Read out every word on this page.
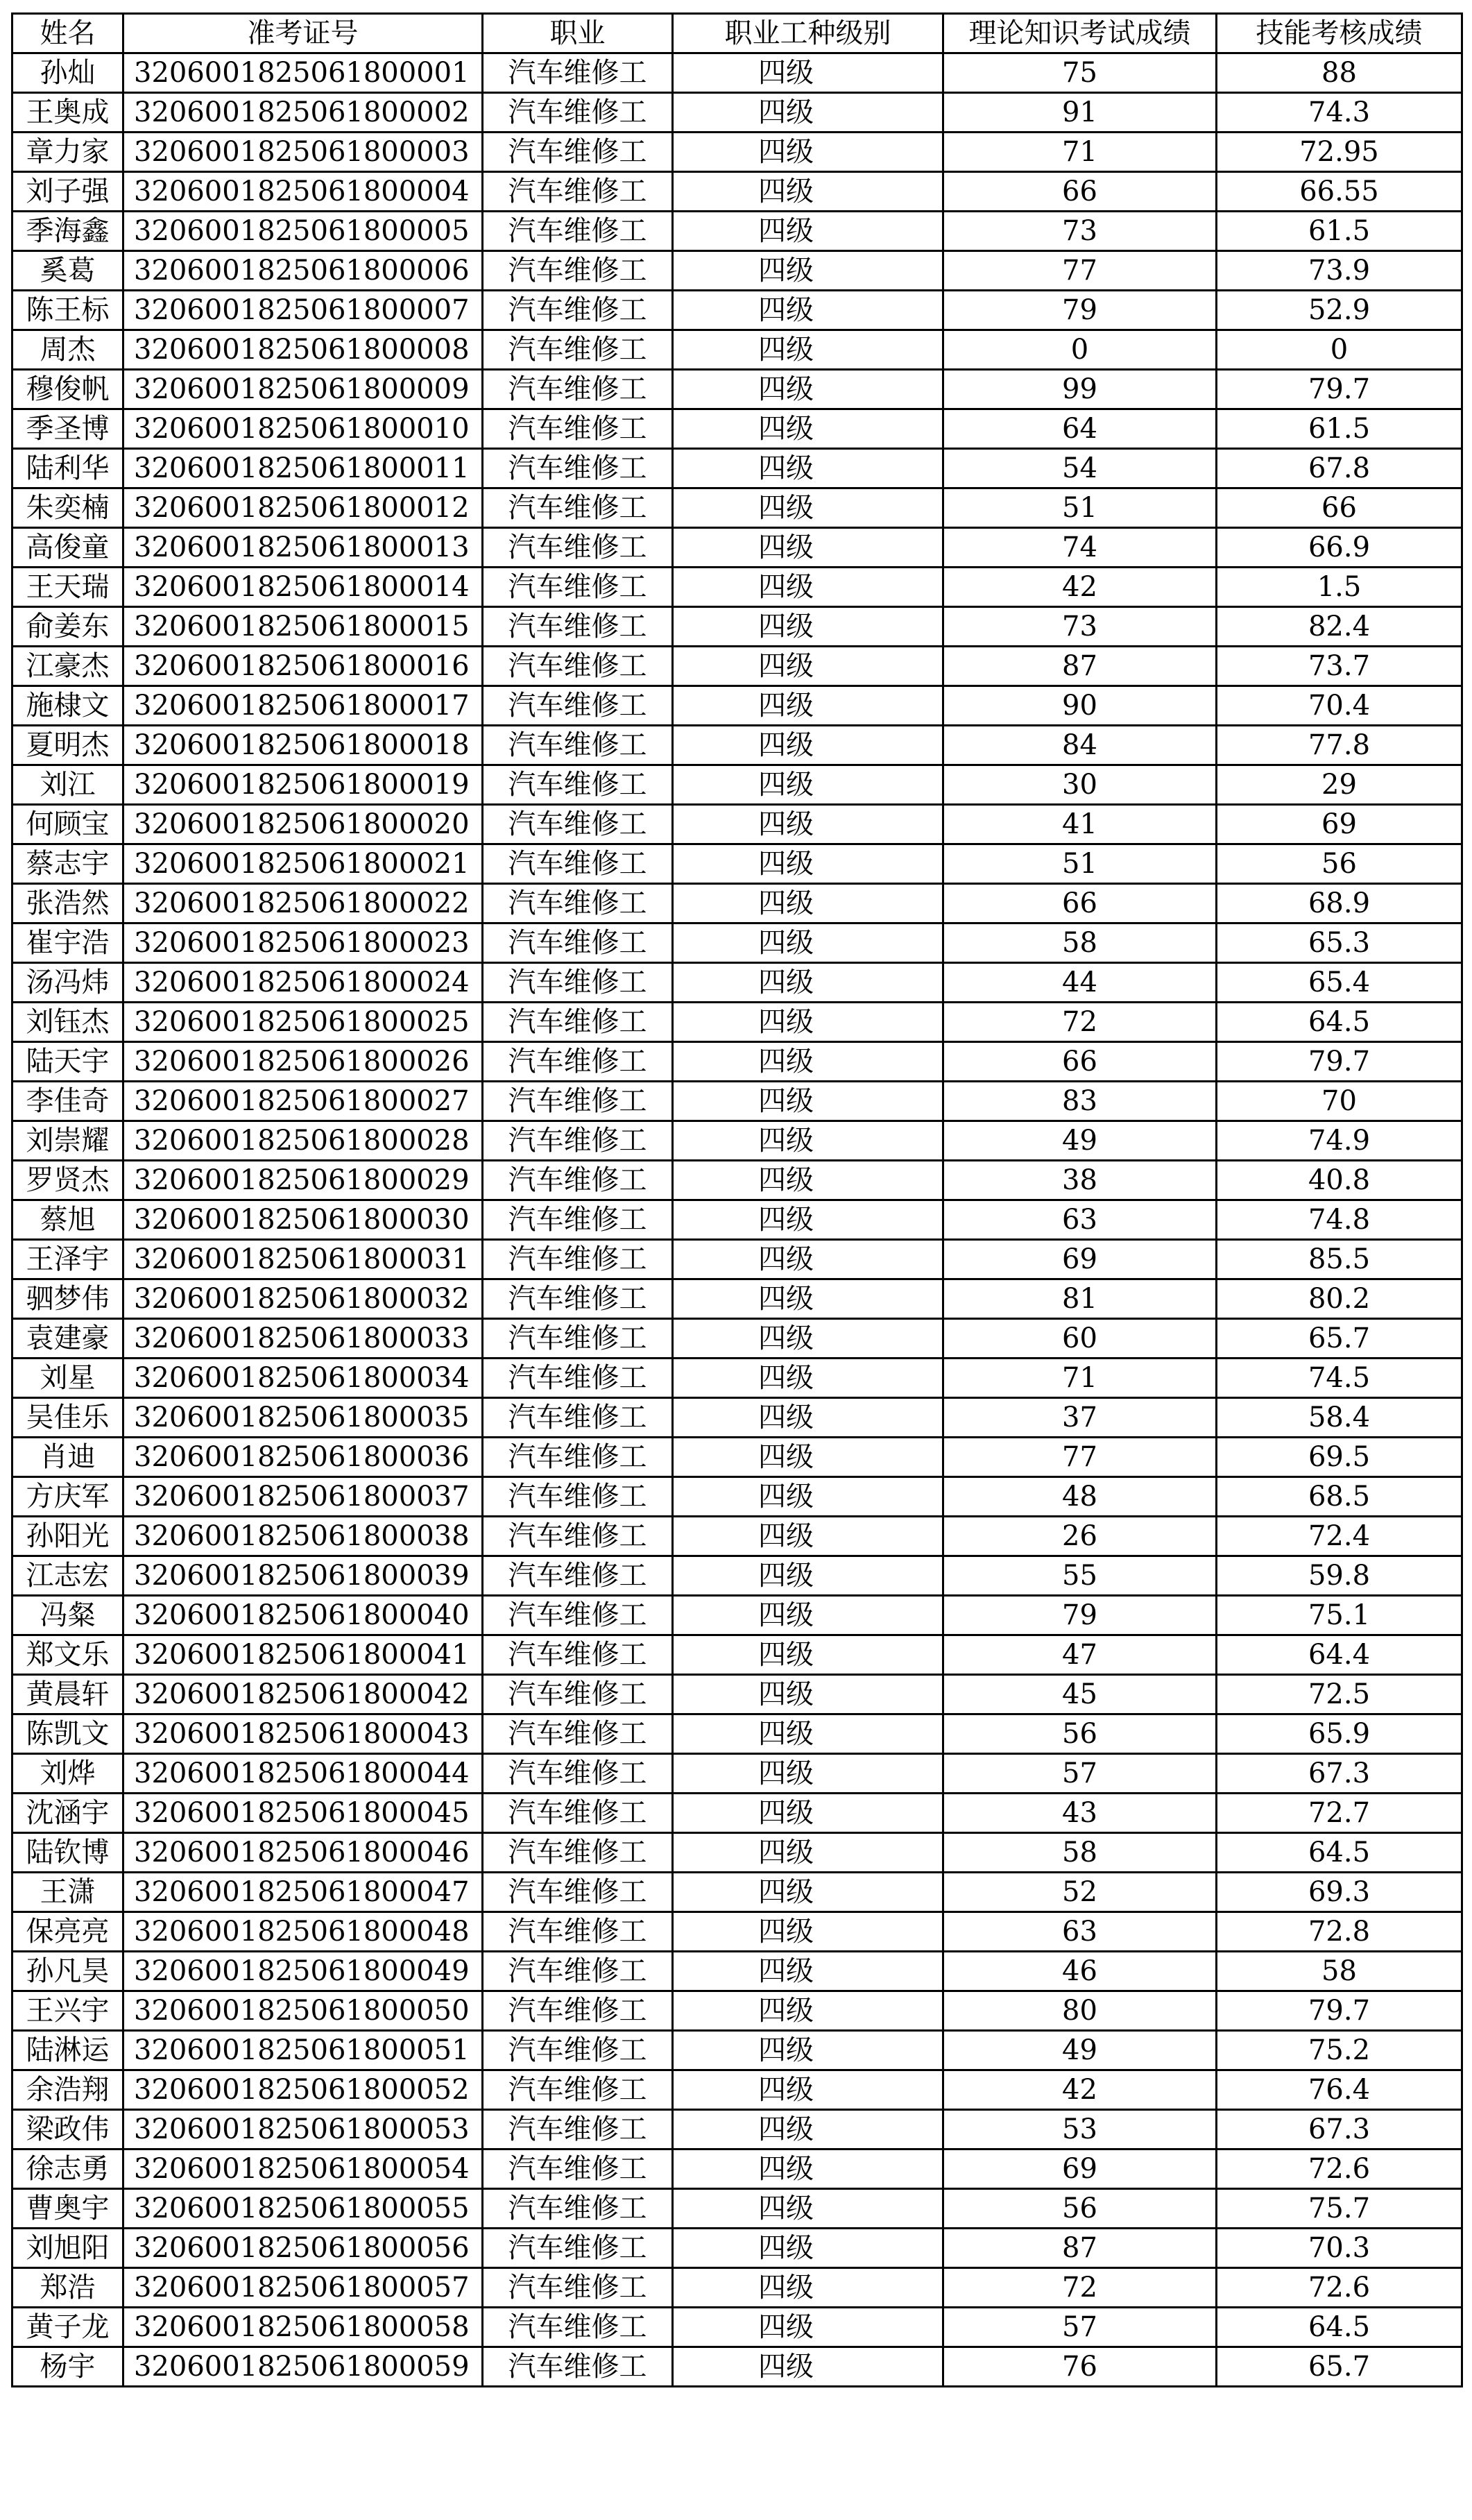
姓名	准考证号	职业	职业工种级别	理论知识考试成绩	技能考核成绩
孙灿	3206001825061800001	汽车维修工	四级	75	88
王奥成	3206001825061800002	汽车维修工	四级	91	74.3
章力家	3206001825061800003	汽车维修工	四级	71	72.95
刘子强	3206001825061800004	汽车维修工	四级	66	66.55
季海鑫	3206001825061800005	汽车维修工	四级	73	61.5
奚葛	3206001825061800006	汽车维修工	四级	77	73.9
陈王标	3206001825061800007	汽车维修工	四级	79	52.9
周杰	3206001825061800008	汽车维修工	四级	0	0
穆俊帆	3206001825061800009	汽车维修工	四级	99	79.7
季圣博	3206001825061800010	汽车维修工	四级	64	61.5
陆利华	3206001825061800011	汽车维修工	四级	54	67.8
朱奕楠	3206001825061800012	汽车维修工	四级	51	66
高俊童	3206001825061800013	汽车维修工	四级	74	66.9
王天瑞	3206001825061800014	汽车维修工	四级	42	1.5
俞姜东	3206001825061800015	汽车维修工	四级	73	82.4
江豪杰	3206001825061800016	汽车维修工	四级	87	73.7
施棣文	3206001825061800017	汽车维修工	四级	90	70.4
夏明杰	3206001825061800018	汽车维修工	四级	84	77.8
刘江	3206001825061800019	汽车维修工	四级	30	29
何顾宝	3206001825061800020	汽车维修工	四级	41	69
蔡志宇	3206001825061800021	汽车维修工	四级	51	56
张浩然	3206001825061800022	汽车维修工	四级	66	68.9
崔宇浩	3206001825061800023	汽车维修工	四级	58	65.3
汤冯炜	3206001825061800024	汽车维修工	四级	44	65.4
刘钰杰	3206001825061800025	汽车维修工	四级	72	64.5
陆天宇	3206001825061800026	汽车维修工	四级	66	79.7
李佳奇	3206001825061800027	汽车维修工	四级	83	70
刘崇耀	3206001825061800028	汽车维修工	四级	49	74.9
罗贤杰	3206001825061800029	汽车维修工	四级	38	40.8
蔡旭	3206001825061800030	汽车维修工	四级	63	74.8
王泽宇	3206001825061800031	汽车维修工	四级	69	85.5
驷梦伟	3206001825061800032	汽车维修工	四级	81	80.2
袁建豪	3206001825061800033	汽车维修工	四级	60	65.7
刘星	3206001825061800034	汽车维修工	四级	71	74.5
吴佳乐	3206001825061800035	汽车维修工	四级	37	58.4
肖迪	3206001825061800036	汽车维修工	四级	77	69.5
方庆军	3206001825061800037	汽车维修工	四级	48	68.5
孙阳光	3206001825061800038	汽车维修工	四级	26	72.4
江志宏	3206001825061800039	汽车维修工	四级	55	59.8
冯粲	3206001825061800040	汽车维修工	四级	79	75.1
郑文乐	3206001825061800041	汽车维修工	四级	47	64.4
黄晨轩	3206001825061800042	汽车维修工	四级	45	72.5
陈凯文	3206001825061800043	汽车维修工	四级	56	65.9
刘烨	3206001825061800044	汽车维修工	四级	57	67.3
沈涵宇	3206001825061800045	汽车维修工	四级	43	72.7
陆钦博	3206001825061800046	汽车维修工	四级	58	64.5
王潇	3206001825061800047	汽车维修工	四级	52	69.3
保亮亮	3206001825061800048	汽车维修工	四级	63	72.8
孙凡昊	3206001825061800049	汽车维修工	四级	46	58
王兴宇	3206001825061800050	汽车维修工	四级	80	79.7
陆淋运	3206001825061800051	汽车维修工	四级	49	75.2
余浩翔	3206001825061800052	汽车维修工	四级	42	76.4
梁政伟	3206001825061800053	汽车维修工	四级	53	67.3
徐志勇	3206001825061800054	汽车维修工	四级	69	72.6
曹奥宇	3206001825061800055	汽车维修工	四级	56	75.7
刘旭阳	3206001825061800056	汽车维修工	四级	87	70.3
郑浩	3206001825061800057	汽车维修工	四级	72	72.6
黄子龙	3206001825061800058	汽车维修工	四级	57	64.5
杨宇	3206001825061800059	汽车维修工	四级	76	65.7
